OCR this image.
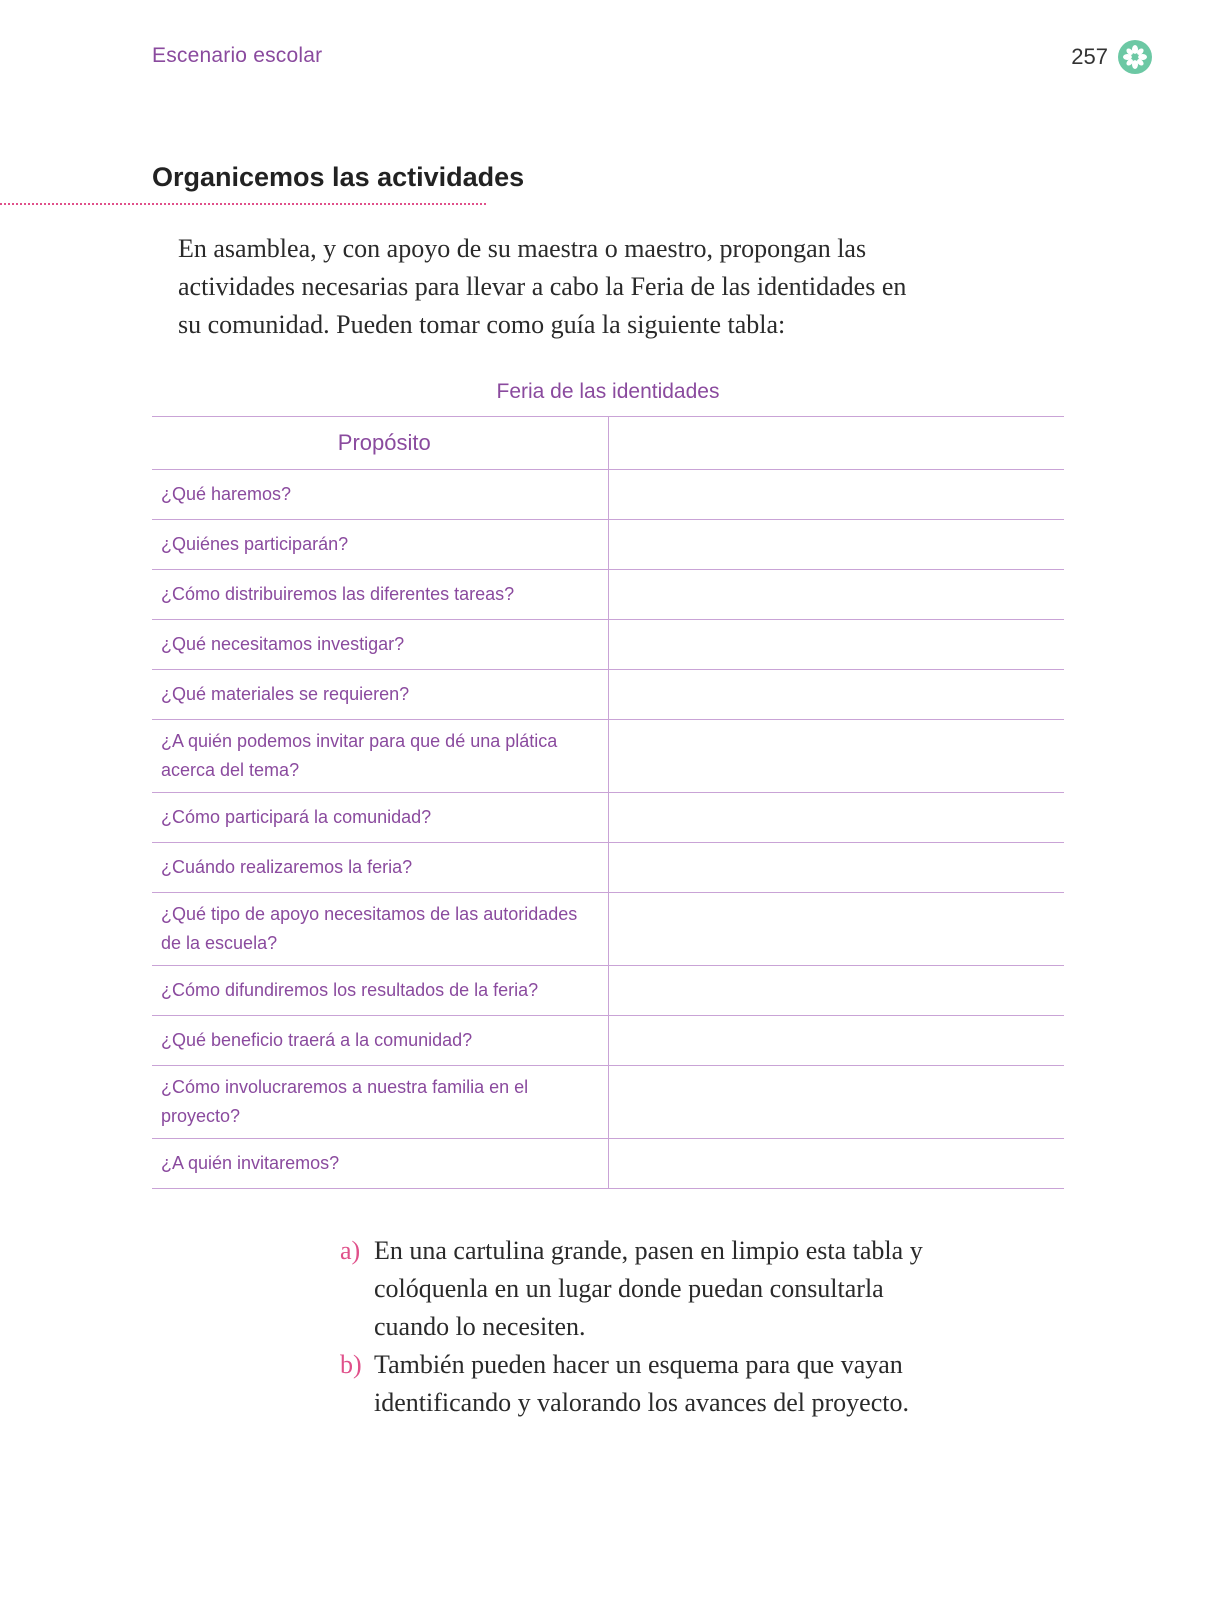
Escenario escolar	257
Organicemos las actividades

En asamblea, y con apoyo de su maestra o maestro, propongan las actividades necesarias para llevar a cabo la Feria de las identidades en su comunidad. Pueden tomar como guía la siguiente tabla:

Feria de las identidades
Propósito	
¿Qué haremos?	
¿Quiénes participarán?	
¿Cómo distribuiremos las diferentes tareas?	
¿Qué necesitamos investigar?	
¿Qué materiales se requieren?	
¿A quién podemos invitar para que dé una plática acerca del tema?	
¿Cómo participará la comunidad?	
¿Cuándo realizaremos la feria?	
¿Qué tipo de apoyo necesitamos de las autoridades de la escuela?	
¿Cómo difundiremos los resultados de la feria?	
¿Qué beneficio traerá a la comunidad?	
¿Cómo involucraremos a nuestra familia en el proyecto?	
¿A quién invitaremos?	
a) En una cartulina grande, pasen en limpio esta tabla y colóquenla en un lugar donde puedan consultarla cuando lo necesiten.
b) También pueden hacer un esquema para que vayan identificando y valorando los avances del proyecto.
